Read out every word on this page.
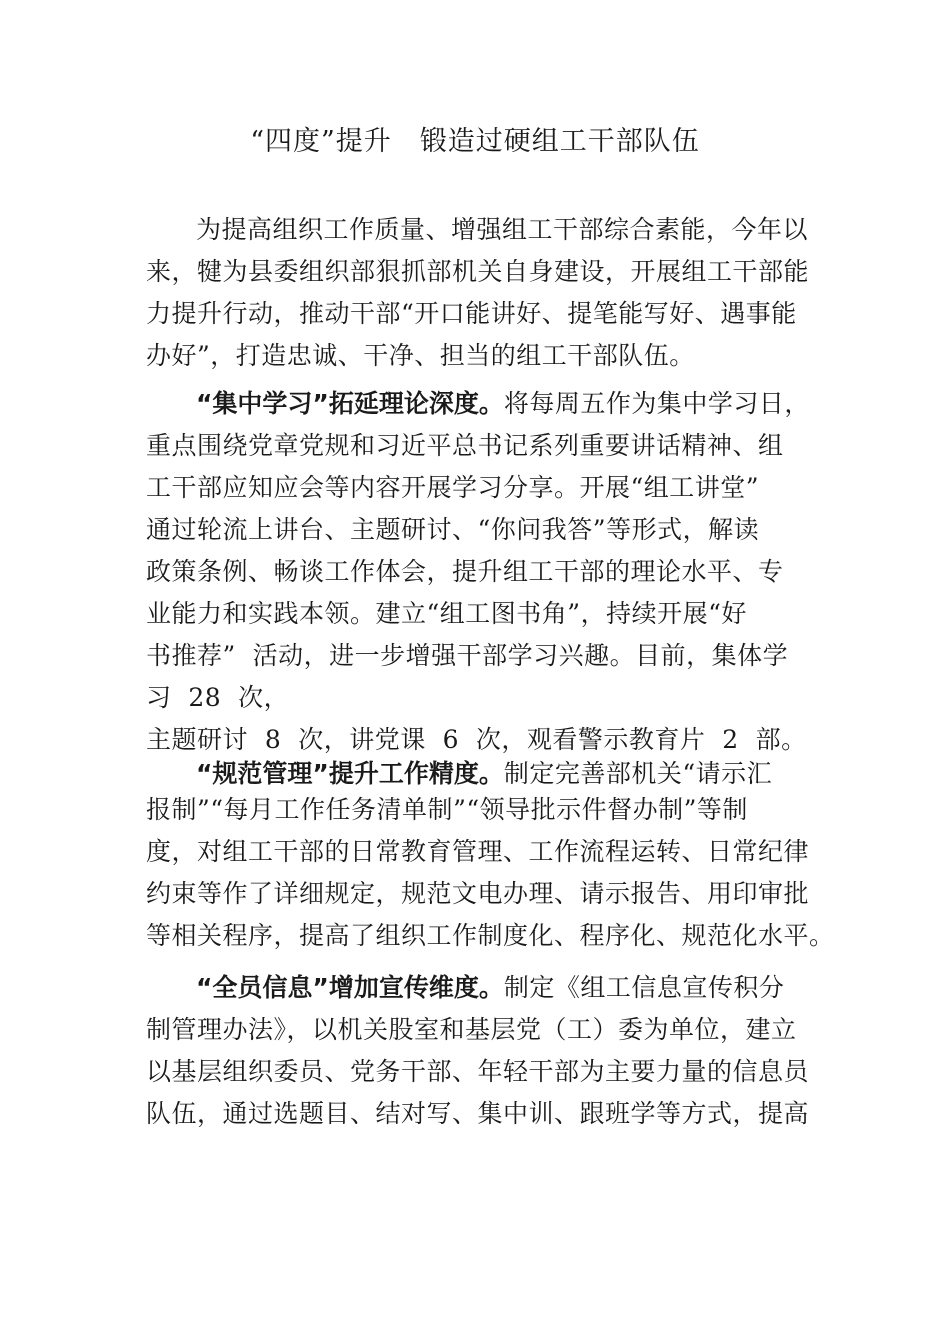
“四度”提升　锻造过硬组工干部队伍
为提高组织工作质量、增强组工干部综合素能，今年以
来，犍为县委组织部狠抓部机关自身建设，开展组工干部能
力提升行动，推动干部“开口能讲好、提笔能写好、遇事能
办好”，打造忠诚、干净、担当的组工干部队伍。
“集中学习”拓延理论深度。将每周五作为集中学习日，
重点围绕党章党规和习近平总书记系列重要讲话精神、组
工干部应知应会等内容开展学习分享。开展“组工讲堂”
通过轮流上讲台、主题研讨、“你问我答”等形式，解读
政策条例、畅谈工作体会，提升组工干部的理论水平、专
业能力和实践本领。建立“组工图书角”，持续开展“好
书推荐”  活动，进一步增强干部学习兴趣。目前，集体学
习  28  次，
主题研讨  8  次，讲党课  6  次，观看警示教育片  2  部。
“规范管理”提升工作精度。制定完善部机关“请示汇
报制”“每月工作任务清单制”“领导批示件督办制”等制
度，对组工干部的日常教育管理、工作流程运转、日常纪律
约束等作了详细规定，规范文电办理、请示报告、用印审批
等相关程序，提高了组织工作制度化、程序化、规范化水平。
“全员信息”增加宣传维度。制定《组工信息宣传积分
制管理办法》，以机关股室和基层党（工）委为单位，建立
以基层组织委员、党务干部、年轻干部为主要力量的信息员
队伍，通过选题目、结对写、集中训、跟班学等方式，提高
